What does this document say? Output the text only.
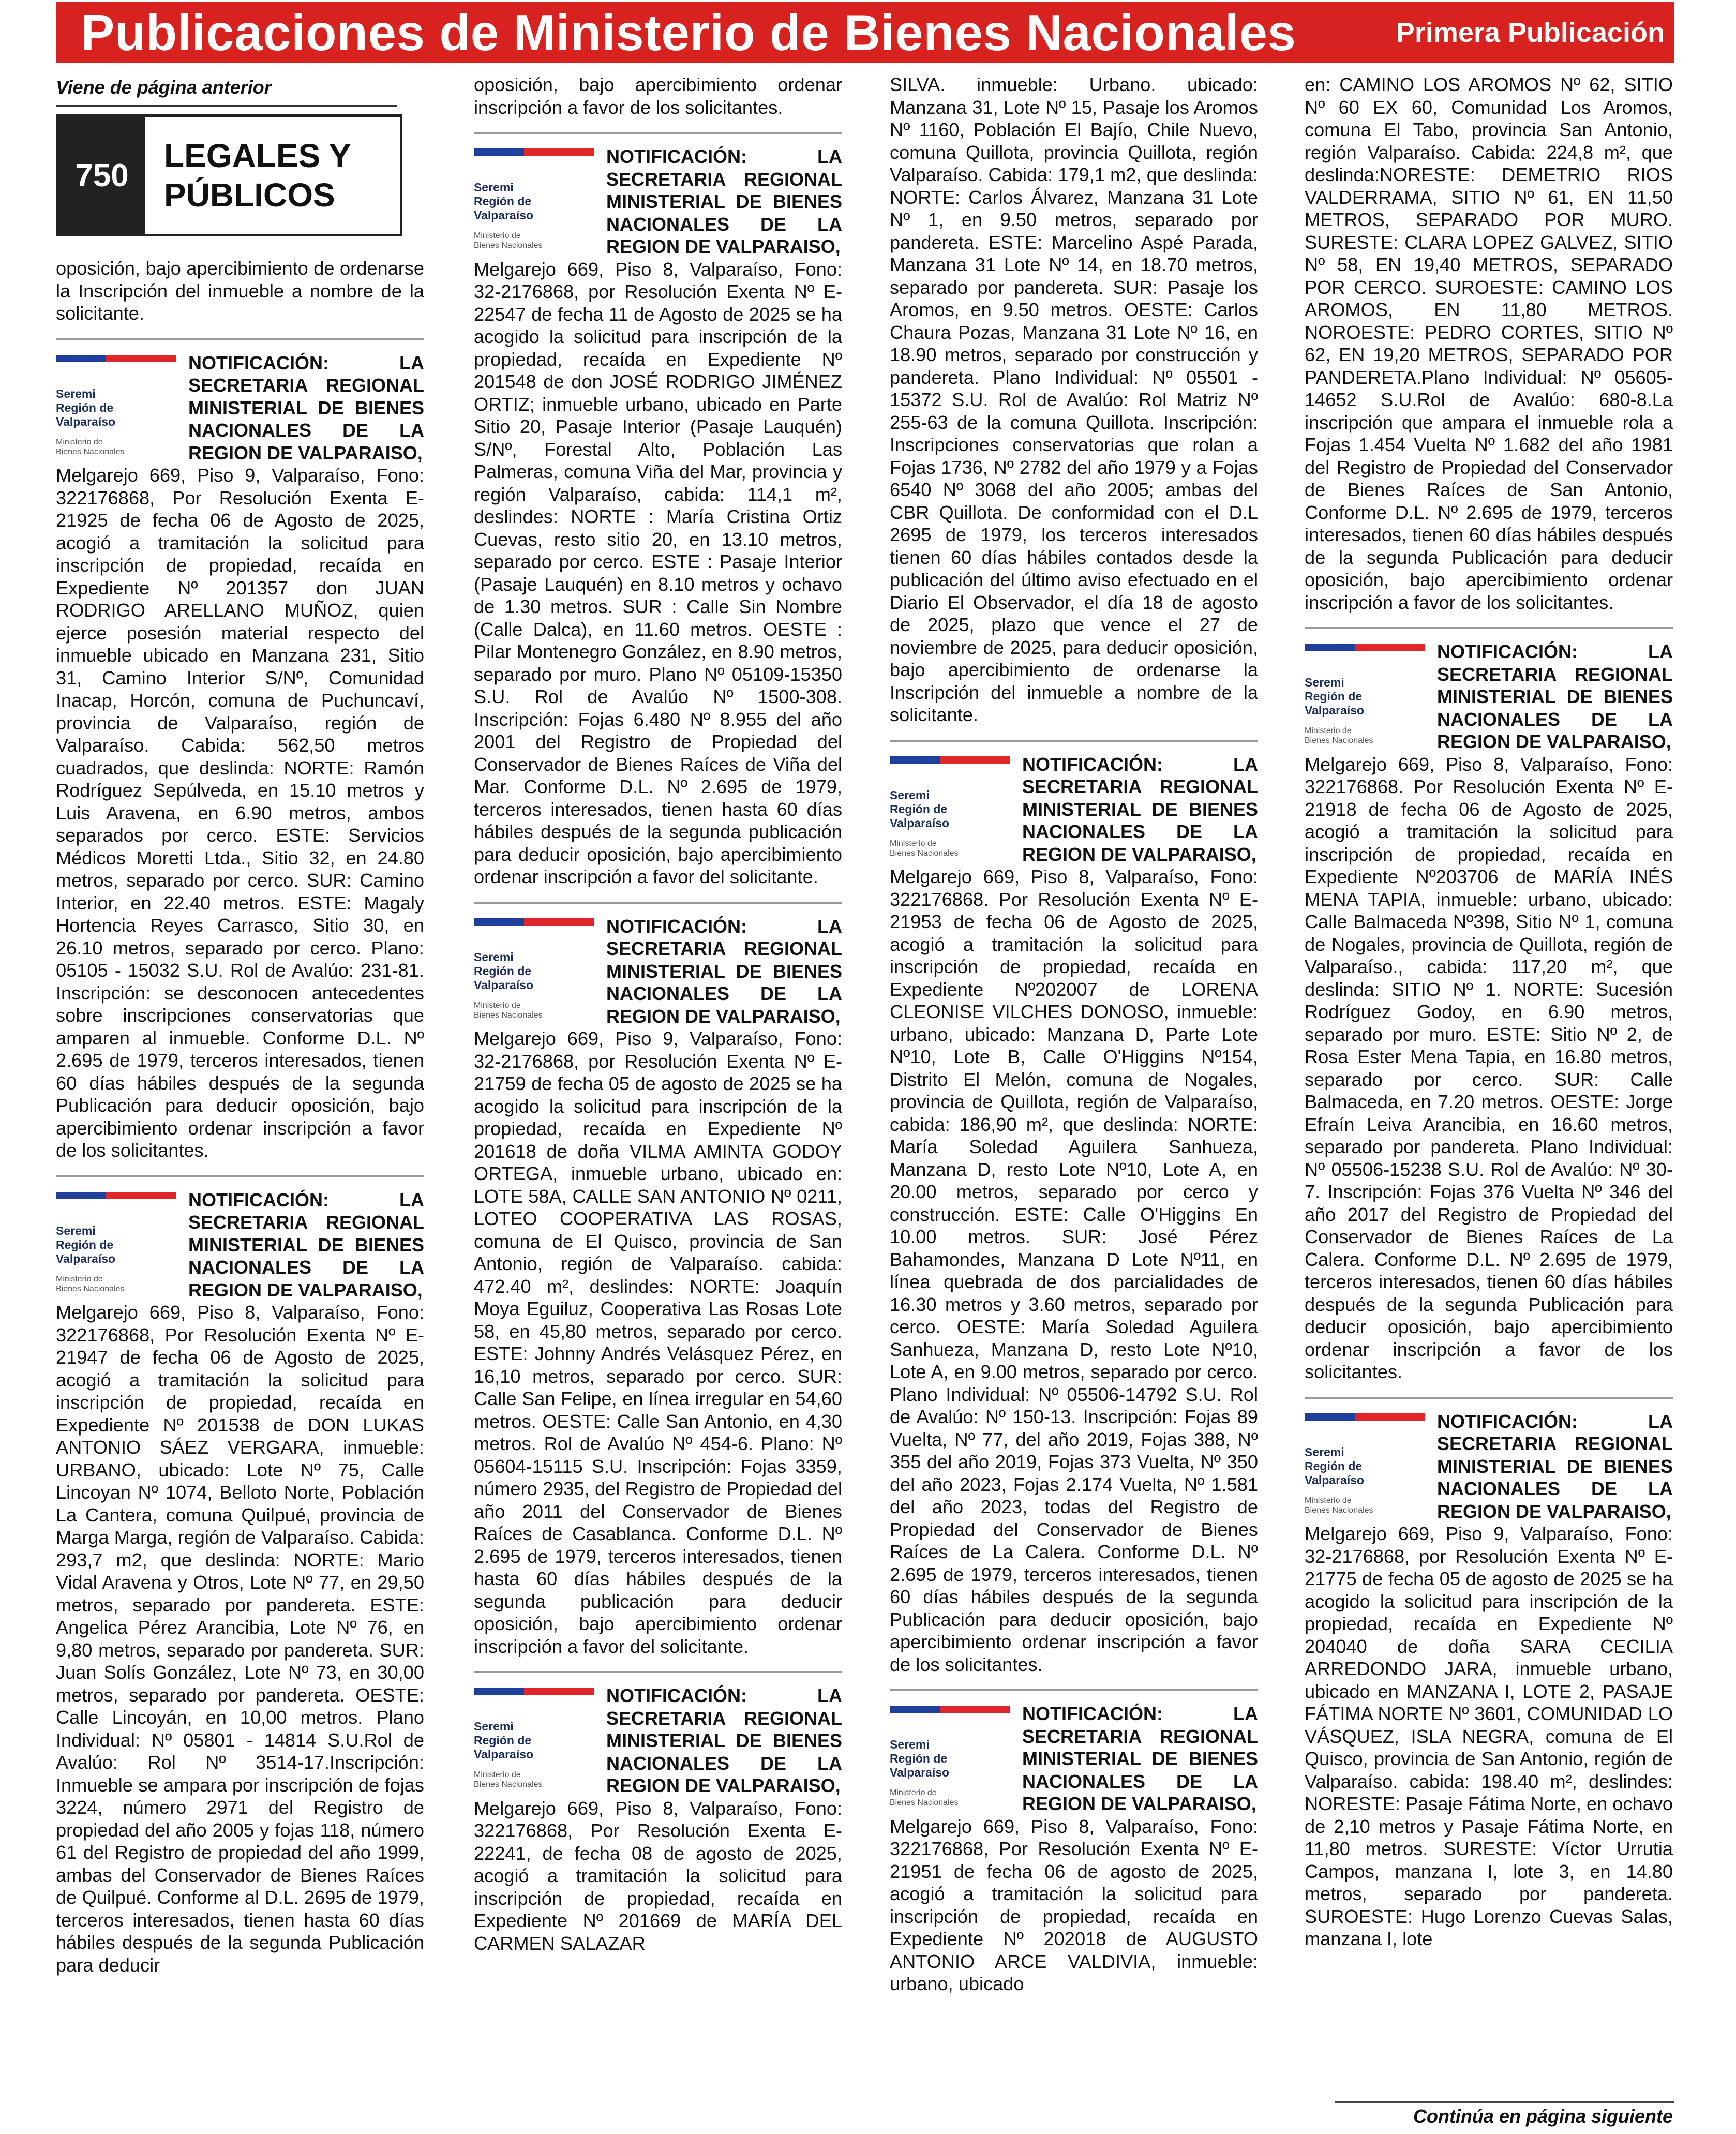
Publicaciones de Ministerio de Bienes Nacionales	Primera Publicación
Viene de página anterior
750
LEGALES Y
PÚBLICOS

oposición, bajo apercibimiento de ordenarse la Inscripción del inmueble a nombre de la solicitante.

Seremi
Región de
Valparaíso
Ministerio de
Bienes Nacionales
NOTIFICACIÓN: LA SECRETARIA REGIONAL MINISTERIAL DE BIENES NACIONALES DE LA REGION DE VALPARAISO,

Melgarejo 669, Piso 9, Valparaíso, Fono: 322176868, Por Resolución Exenta E-21925 de fecha 06 de Agosto de 2025, acogió a tramitación la solicitud para inscripción de propiedad, recaída en Expediente Nº 201357 don JUAN RODRIGO ARELLANO MUÑOZ, quien ejerce posesión material respecto del inmueble ubicado en Manzana 231, Sitio 31, Camino Interior S/Nº, Comunidad Inacap, Horcón, comuna de Puchuncaví, provincia de Valparaíso, región de Valparaíso. Cabida: 562,50 metros cuadrados, que deslinda: NORTE: Ramón Rodríguez Sepúlveda, en 15.10 metros y Luis Aravena, en 6.90 metros, ambos separados por cerco. ESTE: Servicios Médicos Moretti Ltda., Sitio 32, en 24.80 metros, separado por cerco. SUR: Camino Interior, en 22.40 metros. ESTE: Magaly Hortencia Reyes Carrasco, Sitio 30, en 26.10 metros, separado por cerco. Plano: 05105 - 15032 S.U. Rol de Avalúo: 231-81. Inscripción: se desconocen antecedentes sobre inscripciones conservatorias que amparen al inmueble. Conforme D.L. Nº 2.695 de 1979, terceros interesados, tienen 60 días hábiles después de la segunda Publicación para deducir oposición, bajo apercibimiento ordenar inscripción a favor de los solicitantes.

Seremi
Región de
Valparaíso
Ministerio de
Bienes Nacionales
NOTIFICACIÓN: LA SECRETARIA REGIONAL MINISTERIAL DE BIENES NACIONALES DE LA REGION DE VALPARAISO,

Melgarejo 669, Piso 8, Valparaíso, Fono: 322176868, Por Resolución Exenta Nº E-21947 de fecha 06 de Agosto de 2025, acogió a tramitación la solicitud para inscripción de propiedad, recaída en Expediente Nº 201538 de DON LUKAS ANTONIO SÁEZ VERGARA, inmueble: URBANO, ubicado: Lote Nº 75, Calle Lincoyan Nº 1074, Belloto Norte, Población La Cantera, comuna Quilpué, provincia de Marga Marga, región de Valparaíso. Cabida: 293,7 m2, que deslinda: NORTE: Mario Vidal Aravena y Otros, Lote Nº 77, en 29,50 metros, separado por pandereta. ESTE: Angelica Pérez Arancibia, Lote Nº 76, en 9,80 metros, separado por pandereta. SUR: Juan Solís González, Lote Nº 73, en 30,00 metros, separado por pandereta. OESTE: Calle Lincoyán, en 10,00 metros. Plano Individual: Nº 05801 - 14814 S.U.Rol de Avalúo: Rol Nº 3514-17.Inscripción: Inmueble se ampara por inscripción de fojas 3224, número 2971 del Registro de propiedad del año 2005 y fojas 118, número 61 del Registro de propiedad del año 1999, ambas del Conservador de Bienes Raíces de Quilpué. Conforme al D.L. 2695 de 1979, terceros interesados, tienen hasta 60 días hábiles después de la segunda Publicación para deducir

oposición, bajo apercibimiento ordenar inscripción a favor de los solicitantes.

Seremi
Región de
Valparaíso
Ministerio de
Bienes Nacionales
NOTIFICACIÓN: LA SECRETARIA REGIONAL MINISTERIAL DE BIENES NACIONALES DE LA REGION DE VALPARAISO,

Melgarejo 669, Piso 8, Valparaíso, Fono: 32-2176868, por Resolución Exenta Nº E-22547 de fecha 11 de Agosto de 2025 se ha acogido la solicitud para inscripción de la propiedad, recaída en Expediente Nº 201548 de don JOSÉ RODRIGO JIMÉNEZ ORTIZ; inmueble urbano, ubicado en Parte Sitio 20, Pasaje Interior (Pasaje Lauquén) S/Nº, Forestal Alto, Población Las Palmeras, comuna Viña del Mar, provincia y región Valparaíso, cabida: 114,1 m², deslindes: NORTE : María Cristina Ortiz Cuevas, resto sitio 20, en 13.10 metros, separado por cerco. ESTE : Pasaje Interior (Pasaje Lauquén) en 8.10 metros y ochavo de 1.30 metros. SUR : Calle Sin Nombre (Calle Dalca), en 11.60 metros. OESTE : Pilar Montenegro González, en 8.90 metros, separado por muro. Plano Nº 05109-15350 S.U. Rol de Avalúo Nº 1500-308. Inscripción: Fojas 6.480 Nº 8.955 del año 2001 del Registro de Propiedad del Conservador de Bienes Raíces de Viña del Mar. Conforme D.L. Nº 2.695 de 1979, terceros interesados, tienen hasta 60 días hábiles después de la segunda publicación para deducir oposición, bajo apercibimiento ordenar inscripción a favor del solicitante.

Seremi
Región de
Valparaíso
Ministerio de
Bienes Nacionales
NOTIFICACIÓN: LA SECRETARIA REGIONAL MINISTERIAL DE BIENES NACIONALES DE LA REGION DE VALPARAISO,

Melgarejo 669, Piso 9, Valparaíso, Fono: 32-2176868, por Resolución Exenta Nº E-21759 de fecha 05 de agosto de 2025 se ha acogido la solicitud para inscripción de la propiedad, recaída en Expediente Nº 201618 de doña VILMA AMINTA GODOY ORTEGA, inmueble urbano, ubicado en: LOTE 58A, CALLE SAN ANTONIO Nº 0211, LOTEO COOPERATIVA LAS ROSAS, comuna de El Quisco, provincia de San Antonio, región de Valparaíso. cabida: 472.40 m², deslindes: NORTE: Joaquín Moya Eguiluz, Cooperativa Las Rosas Lote 58, en 45,80 metros, separado por cerco. ESTE: Johnny Andrés Velásquez Pérez, en 16,10 metros, separado por cerco. SUR: Calle San Felipe, en línea irregular en 54,60 metros. OESTE: Calle San Antonio, en 4,30 metros. Rol de Avalúo Nº 454-6. Plano: Nº 05604-15115 S.U. Inscripción: Fojas 3359, número 2935, del Registro de Propiedad del año 2011 del Conservador de Bienes Raíces de Casablanca. Conforme D.L. Nº 2.695 de 1979, terceros interesados, tienen hasta 60 días hábiles después de la segunda publicación para deducir oposición, bajo apercibimiento ordenar inscripción a favor del solicitante.

Seremi
Región de
Valparaíso
Ministerio de
Bienes Nacionales
NOTIFICACIÓN: LA SECRETARIA REGIONAL MINISTERIAL DE BIENES NACIONALES DE LA REGION DE VALPARAISO,

Melgarejo 669, Piso 8, Valparaíso, Fono: 322176868, Por Resolución Exenta E-22241, de fecha 08 de agosto de 2025, acogió a tramitación la solicitud para inscripción de propiedad, recaída en Expediente Nº 201669 de MARÍA DEL CARMEN SALAZAR

SILVA. inmueble: Urbano. ubicado: Manzana 31, Lote Nº 15, Pasaje los Aromos Nº 1160, Población El Bajío, Chile Nuevo, comuna Quillota, provincia Quillota, región Valparaíso. Cabida: 179,1 m2, que deslinda: NORTE: Carlos Álvarez, Manzana 31 Lote Nº 1, en 9.50 metros, separado por pandereta. ESTE: Marcelino Aspé Parada, Manzana 31 Lote Nº 14, en 18.70 metros, separado por pandereta. SUR: Pasaje los Aromos, en 9.50 metros. OESTE: Carlos Chaura Pozas, Manzana 31 Lote Nº 16, en 18.90 metros, separado por construcción y pandereta. Plano Individual: Nº 05501 - 15372 S.U. Rol de Avalúo: Rol Matriz Nº 255-63 de la comuna Quillota. Inscripción: Inscripciones conservatorias que rolan a Fojas 1736, Nº 2782 del año 1979 y a Fojas 6540 Nº 3068 del año 2005; ambas del CBR Quillota. De conformidad con el D.L 2695 de 1979, los terceros interesados tienen 60 días hábiles contados desde la publicación del último aviso efectuado en el Diario El Observador, el día 18 de agosto de 2025, plazo que vence el 27 de noviembre de 2025, para deducir oposición, bajo apercibimiento de ordenarse la Inscripción del inmueble a nombre de la solicitante.

Seremi
Región de
Valparaíso
Ministerio de
Bienes Nacionales
NOTIFICACIÓN: LA SECRETARIA REGIONAL MINISTERIAL DE BIENES NACIONALES DE LA REGION DE VALPARAISO,

Melgarejo 669, Piso 8, Valparaíso, Fono: 322176868. Por Resolución Exenta Nº E-21953 de fecha 06 de Agosto de 2025, acogió a tramitación la solicitud para inscripción de propiedad, recaída en Expediente Nº202007 de LORENA CLEONISE VILCHES DONOSO, inmueble: urbano, ubicado: Manzana D, Parte Lote Nº10, Lote B, Calle O'Higgins Nº154, Distrito El Melón, comuna de Nogales, provincia de Quillota, región de Valparaíso, cabida: 186,90 m², que deslinda: NORTE: María Soledad Aguilera Sanhueza, Manzana D, resto Lote Nº10, Lote A, en 20.00 metros, separado por cerco y construcción. ESTE: Calle O'Higgins En 10.00 metros. SUR: José Pérez Bahamondes, Manzana D Lote Nº11, en línea quebrada de dos parcialidades de 16.30 metros y 3.60 metros, separado por cerco. OESTE: María Soledad Aguilera Sanhueza, Manzana D, resto Lote Nº10, Lote A, en 9.00 metros, separado por cerco. Plano Individual: Nº 05506-14792 S.U. Rol de Avalúo: Nº 150-13. Inscripción: Fojas 89 Vuelta, Nº 77, del año 2019, Fojas 388, Nº 355 del año 2019, Fojas 373 Vuelta, Nº 350 del año 2023, Fojas 2.174 Vuelta, Nº 1.581 del año 2023, todas del Registro de Propiedad del Conservador de Bienes Raíces de La Calera. Conforme D.L. Nº 2.695 de 1979, terceros interesados, tienen 60 días hábiles después de la segunda Publicación para deducir oposición, bajo apercibimiento ordenar inscripción a favor de los solicitantes.

Seremi
Región de
Valparaíso
Ministerio de
Bienes Nacionales
NOTIFICACIÓN: LA SECRETARIA REGIONAL MINISTERIAL DE BIENES NACIONALES DE LA REGION DE VALPARAISO,

Melgarejo 669, Piso 8, Valparaíso, Fono: 322176868, Por Resolución Exenta Nº E-21951 de fecha 06 de agosto de 2025, acogió a tramitación la solicitud para inscripción de propiedad, recaída en Expediente Nº 202018 de AUGUSTO ANTONIO ARCE VALDIVIA, inmueble: urbano, ubicado

en: CAMINO LOS AROMOS Nº 62, SITIO Nº 60 EX 60, Comunidad Los Aromos, comuna El Tabo, provincia San Antonio, región Valparaíso. Cabida: 224,8 m², que deslinda:NORESTE: DEMETRIO RIOS VALDERRAMA, SITIO Nº 61, EN 11,50 METROS, SEPARADO POR MURO. SURESTE: CLARA LOPEZ GALVEZ, SITIO Nº 58, EN 19,40 METROS, SEPARADO POR CERCO. SUROESTE: CAMINO LOS AROMOS, EN 11,80 METROS. NOROESTE: PEDRO CORTES, SITIO Nº 62, EN 19,20 METROS, SEPARADO POR PANDERETA.Plano Individual: Nº 05605-14652 S.U.Rol de Avalúo: 680-8.La inscripción que ampara el inmueble rola a Fojas 1.454 Vuelta Nº 1.682 del año 1981 del Registro de Propiedad del Conservador de Bienes Raíces de San Antonio, Conforme D.L. Nº 2.695 de 1979, terceros interesados, tienen 60 días hábiles después de la segunda Publicación para deducir oposición, bajo apercibimiento ordenar inscripción a favor de los solicitantes.

Seremi
Región de
Valparaíso
Ministerio de
Bienes Nacionales
NOTIFICACIÓN: LA SECRETARIA REGIONAL MINISTERIAL DE BIENES NACIONALES DE LA REGION DE VALPARAISO,

Melgarejo 669, Piso 8, Valparaíso, Fono: 322176868. Por Resolución Exenta Nº E-21918 de fecha 06 de Agosto de 2025, acogió a tramitación la solicitud para inscripción de propiedad, recaída en Expediente Nº203706 de MARÍA INÉS MENA TAPIA, inmueble: urbano, ubicado: Calle Balmaceda Nº398, Sitio Nº 1, comuna de Nogales, provincia de Quillota, región de Valparaíso., cabida: 117,20 m², que deslinda: SITIO Nº 1. NORTE: Sucesión Rodríguez Godoy, en 6.90 metros, separado por muro. ESTE: Sitio Nº 2, de Rosa Ester Mena Tapia, en 16.80 metros, separado por cerco. SUR: Calle Balmaceda, en 7.20 metros. OESTE: Jorge Efraín Leiva Arancibia, en 16.60 metros, separado por pandereta. Plano Individual: Nº 05506-15238 S.U. Rol de Avalúo: Nº 30-7. Inscripción: Fojas 376 Vuelta Nº 346 del año 2017 del Registro de Propiedad del Conservador de Bienes Raíces de La Calera. Conforme D.L. Nº 2.695 de 1979, terceros interesados, tienen 60 días hábiles después de la segunda Publicación para deducir oposición, bajo apercibimiento ordenar inscripción a favor de los solicitantes.

Seremi
Región de
Valparaíso
Ministerio de
Bienes Nacionales
NOTIFICACIÓN: LA SECRETARIA REGIONAL MINISTERIAL DE BIENES NACIONALES DE LA REGION DE VALPARAISO,

Melgarejo 669, Piso 9, Valparaíso, Fono: 32-2176868, por Resolución Exenta Nº E-21775 de fecha 05 de agosto de 2025 se ha acogido la solicitud para inscripción de la propiedad, recaída en Expediente Nº 204040 de doña SARA CECILIA ARREDONDO JARA, inmueble urbano, ubicado en MANZANA I, LOTE 2, PASAJE FÁTIMA NORTE Nº 3601, COMUNIDAD LO VÁSQUEZ, ISLA NEGRA, comuna de El Quisco, provincia de San Antonio, región de Valparaíso. cabida: 198.40 m², deslindes: NORESTE: Pasaje Fátima Norte, en ochavo de 2,10 metros y Pasaje Fátima Norte, en 11,80 metros. SURESTE: Víctor Urrutia Campos, manzana I, lote 3, en 14.80 metros, separado por pandereta. SUROESTE: Hugo Lorenzo Cuevas Salas, manzana I, lote

Continúa en página siguiente
